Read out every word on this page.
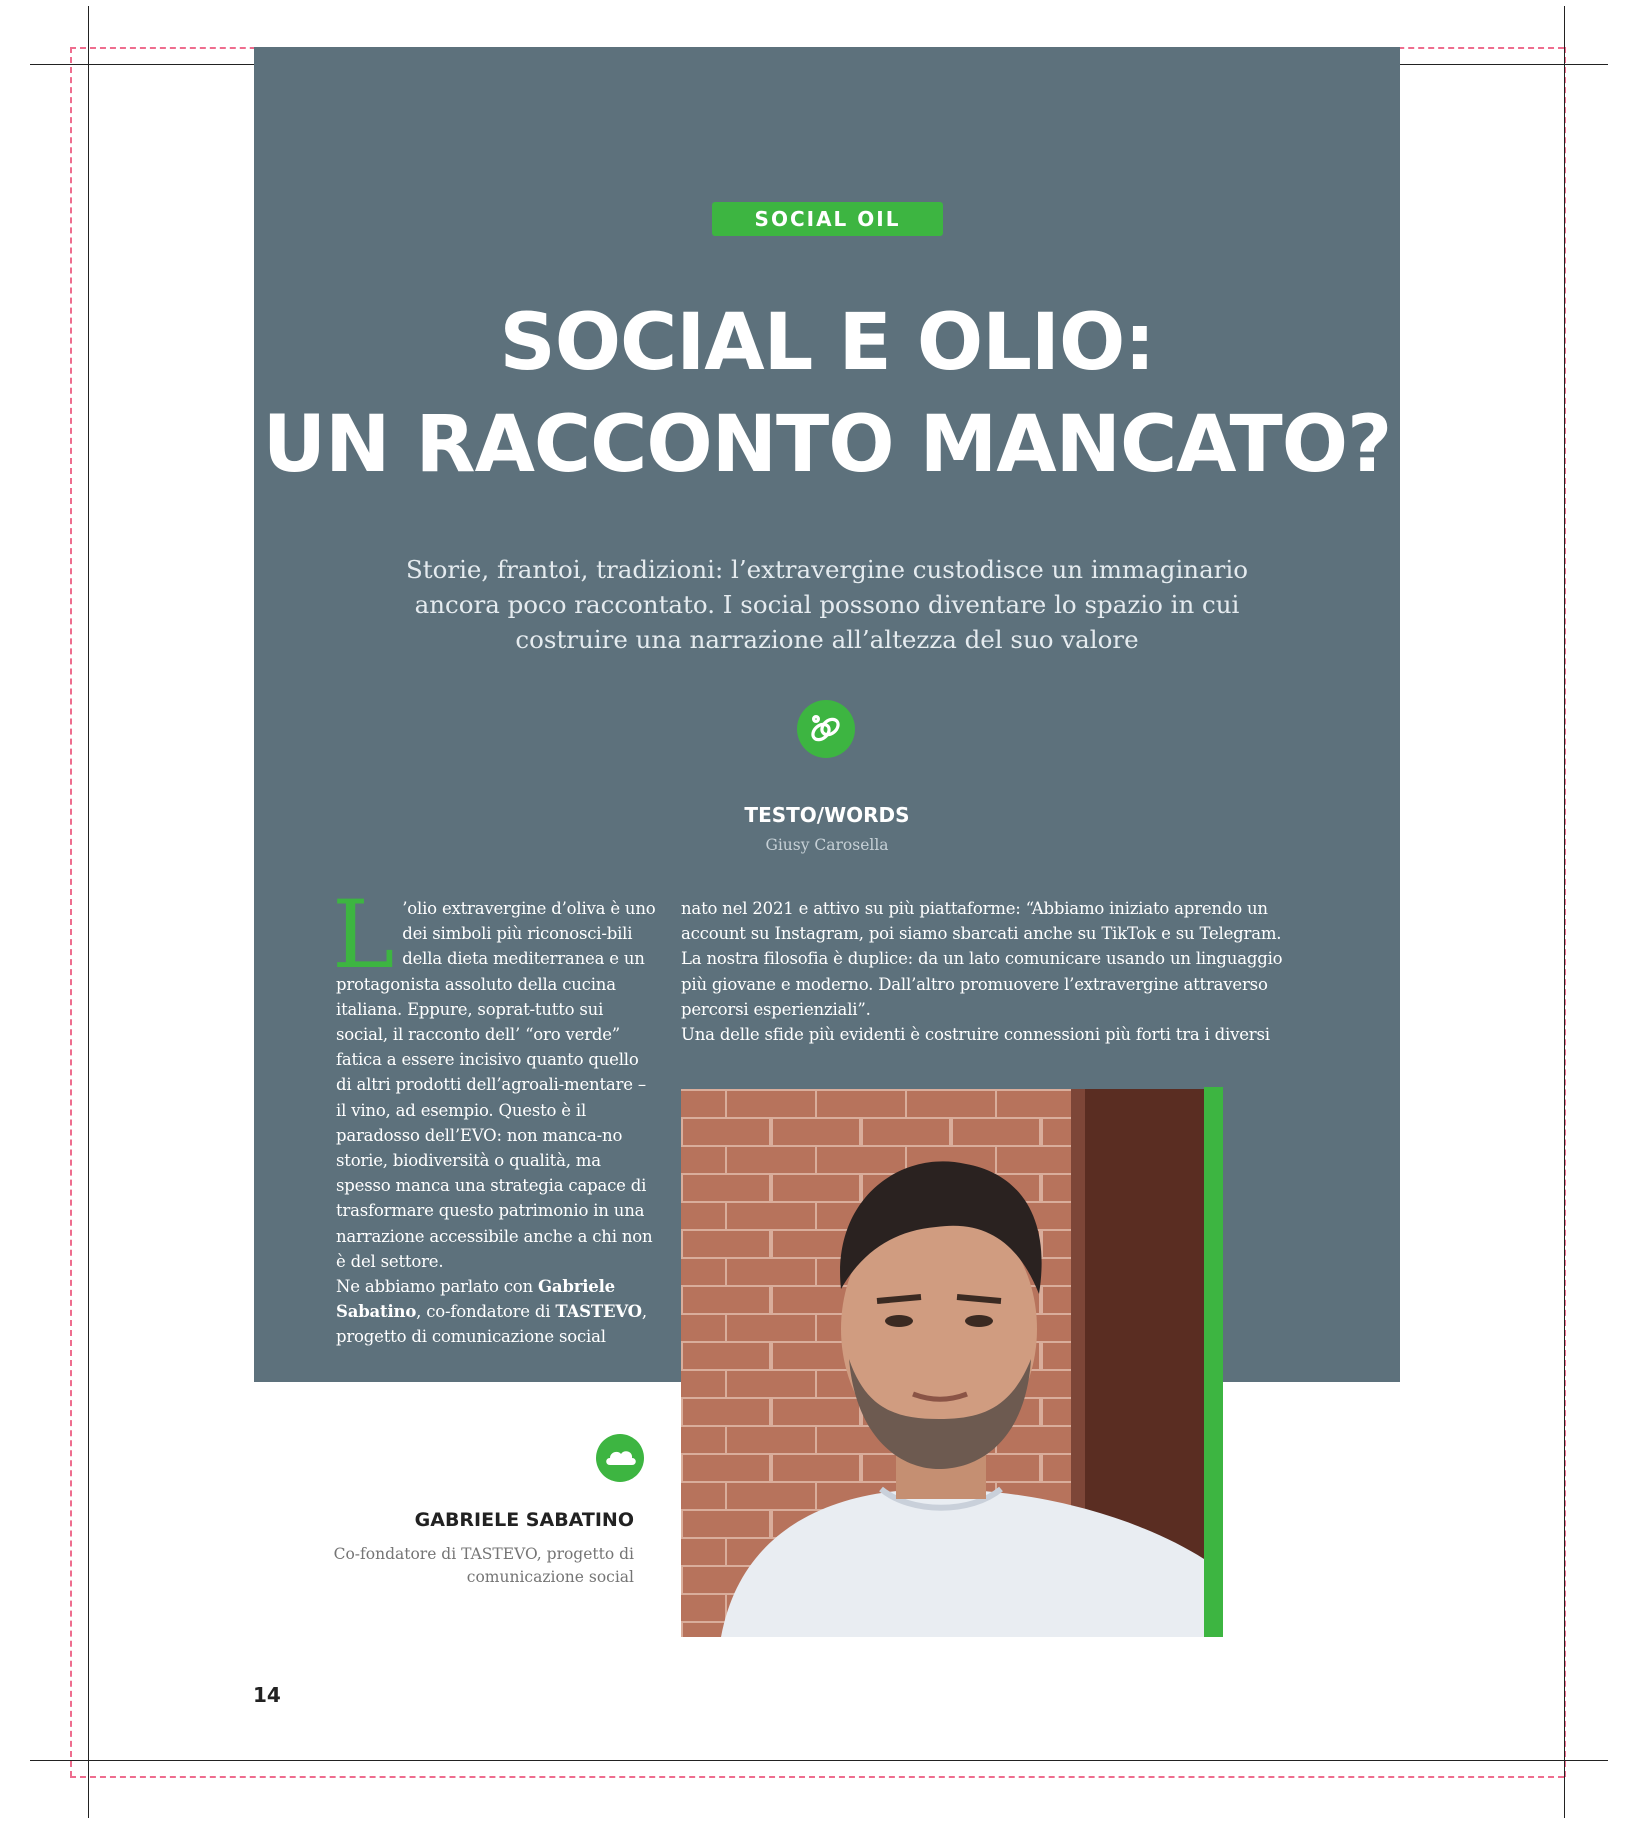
SOCIAL OIL
SOCIAL E OLIO:
UN RACCONTO MANCATO?

Storie, frantoi, tradizioni: l’extravergine custodisce un immaginario ancora poco raccontato. I social possono diventare lo spazio in cui costruire una narrazione all’altezza del suo valore

TESTO/WORDS
Giusy Carosella

L ’olio extravergine d’oliva è uno dei simboli più riconosci-bili della dieta mediterranea e un protagonista assoluto della cucina italiana. Eppure, soprat-tutto sui social, il racconto dell’ “oro verde” fatica a essere incisivo quanto quello di altri prodotti dell’agroali-mentare – il vino, ad esempio. Questo è il paradosso dell’EVO: non manca-no storie, biodiversità o qualità, ma spesso manca una strategia capace di trasformare questo patrimonio in una narrazione accessibile anche a chi non è del settore.

Ne abbiamo parlato con Gabriele Sabatino, co-fondatore di TASTEVO, progetto di comunicazione social

nato nel 2021 e attivo su più piattaforme: “Abbiamo iniziato aprendo un account su Instagram, poi siamo sbarcati anche su TikTok e su Telegram. La nostra filosofia è duplice: da un lato comunicare usando un linguaggio più giovane e moderno. Dall’altro promuovere l’extravergine attraverso percorsi esperienziali”.

Una delle sfide più evidenti è costruire connessioni più forti tra i diversi

GABRIELE SABATINO
Co-fondatore di TASTEVO, progetto di comunicazione social
14
